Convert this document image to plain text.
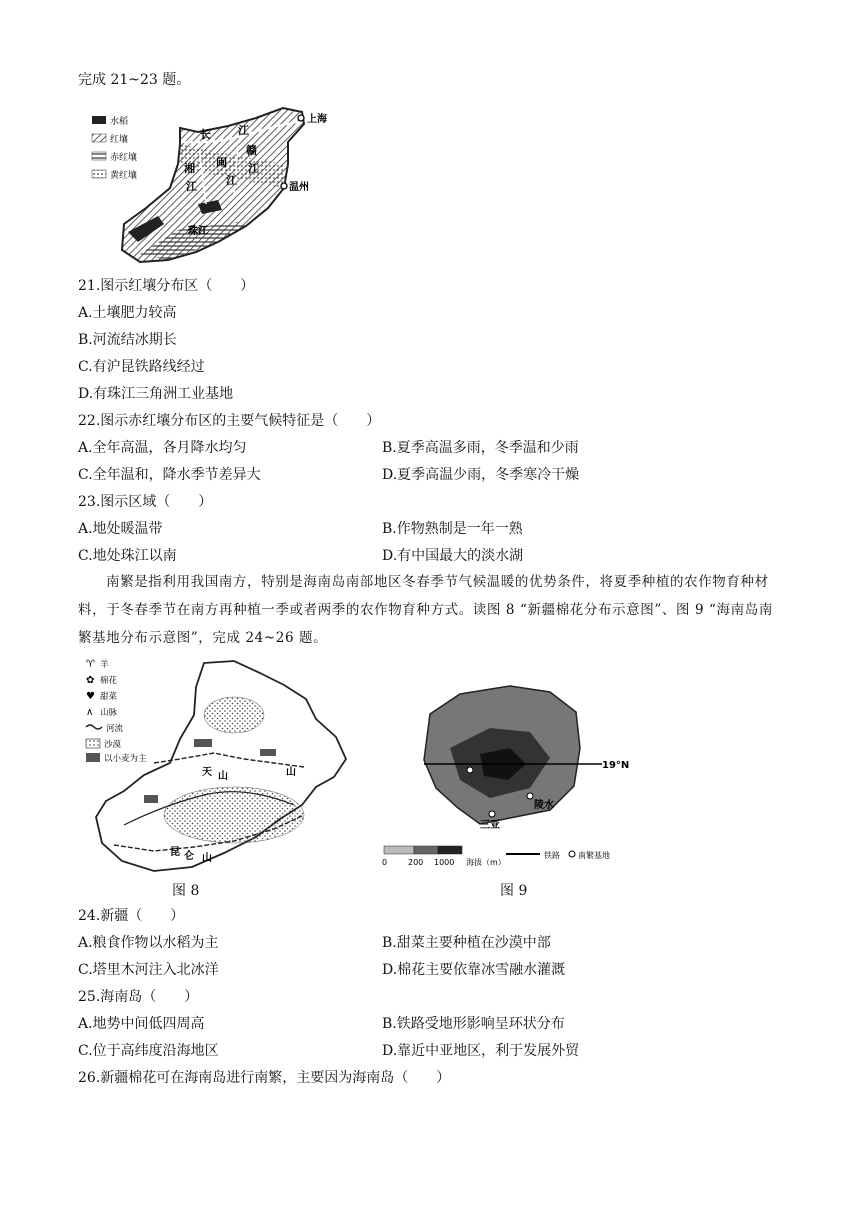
完成 21~23 题。
水稻
红壤
赤红壤
黄红壤
上海
长 江
赣
江
湘
江
闽
江
温州
珠江
21.图示红壤分布区（　　）
A.土壤肥力较高
B.河流结冰期长
C.有沪昆铁路线经过
D.有珠江三角洲工业基地
22.图示赤红壤分布区的主要气候特征是（　　）
A.全年高温，各月降水均匀	B.夏季高温多雨，冬季温和少雨
C.全年温和，降水季节差异大	D.夏季高温少雨，冬季寒冷干燥
23.图示区域（　　）
A.地处暖温带	B.作物熟制是一年一熟
C.地处珠江以南	D.有中国最大的淡水湖
南繁是指利用我国南方，特别是海南岛南部地区冬春季节气候温暖的优势条件，将夏季种植的农作物育种材料，于冬春季节在南方再种植一季或者两季的农作物育种方式。读图 8 “新疆棉花分布示意图”、图 9 “海南岛南繁基地分布示意图”，完成 24~26 题。
♈ 羊
✿ 棉花
♥ 甜菜
∧ 山脉
河流
沙漠
以小麦为主
天 山	山
昆 仑 山
19°N
陵水
三亚
0	200 1000 海拔（m）
铁路 南繁基地
图 8	图 9
24.新疆（　　）
A.粮食作物以水稻为主	B.甜菜主要种植在沙漠中部
C.塔里木河注入北冰洋	D.棉花主要依靠冰雪融水灌溉
25.海南岛（　　）
A.地势中间低四周高	B.铁路受地形影响呈环状分布
C.位于高纬度沿海地区	D.靠近中亚地区，利于发展外贸
26.新疆棉花可在海南岛进行南繁，主要因为海南岛（　　）
